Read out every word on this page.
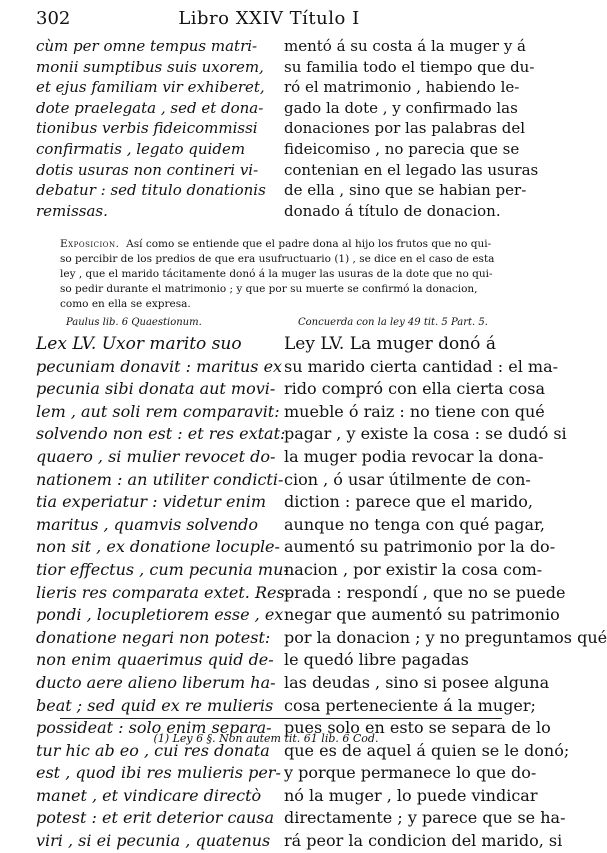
302	Libro XXIV Título I
cùm per omne tempus matri-
monii sumptibus suis uxorem,
et ejus familiam vir exhiberet,
dote praelegata , sed et dona-
tionibus verbis fideicommissi
confirmatis , legato quidem
dotis usuras non contineri vi-
debatur : sed titulo donationis
remissas.
mentó á su costa á la muger y á
su familia todo el tiempo que du-
ró el matrimonio , habiendo le-
gado la dote , y confirmado las
donaciones por las palabras del
fideicomiso , no parecia que se
contenian en el legado las usuras
de ella , sino que se habian per-
donado á título de donacion.
Exposicion. Así como se entiende que el padre dona al hijo los frutos que no qui-
so percibir de los predios de que era usufructuario (1) , se dice en el caso de esta
ley , que el marido tácitamente donó á la muger las usuras de la dote que no qui-
so pedir durante el matrimonio ; y que por su muerte se confirmó la donacion,
como en ella se expresa.
Paulus lib. 6 Quaestionum.	Concuerda con la ley 49 tit. 5 Part. 5.
Lex LV. Uxor marito suo
pecuniam donavit : maritus ex
pecunia sibi donata aut movi-
lem , aut soli rem comparavit:
solvendo non est : et res extat:
quaero , si mulier revocet do-
nationem : an utiliter condicti-
tia experiatur : videtur enim
maritus , quamvis solvendo
non sit , ex donatione locuple-
tior effectus , cum pecunia mu-
lieris res comparata extet. Res-
pondi , locupletiorem esse , ex
donatione negari non potest:
non enim quaerimus quid de-
ducto aere alieno liberum ha-
beat ; sed quid ex re mulieris
possideat : solo enim separa-
tur hic ab eo , cui res donata
est , quod ibi res mulieris per-
manet , et vindicare directò
potest : et erit deterior causa
viri , si ei pecunia , quatenus
Ley LV. La muger donó á
su marido cierta cantidad : el ma-
rido compró con ella cierta cosa
mueble ó raiz : no tiene con qué
pagar , y existe la cosa : se dudó si
la muger podia revocar la dona-
cion , ó usar útilmente de con-
diction : parece que el marido,
aunque no tenga con qué pagar,
aumentó su patrimonio por la do-
nacion , por existir la cosa com-
prada : respondí , que no se puede
negar que aumentó su patrimonio
por la donacion ; y no preguntamos qué
le quedó libre pagadas
las deudas , sino si posee alguna
cosa perteneciente á la muger;
pues solo en esto se separa de lo
que es de aquel á quien se le donó;
y porque permanece lo que do-
nó la muger , lo puede vindicar
directamente ; y parece que se ha-
rá peor la condicion del marido, si
(1) Ley 6 §. Non autem tit. 61 lib. 6 Cod.
